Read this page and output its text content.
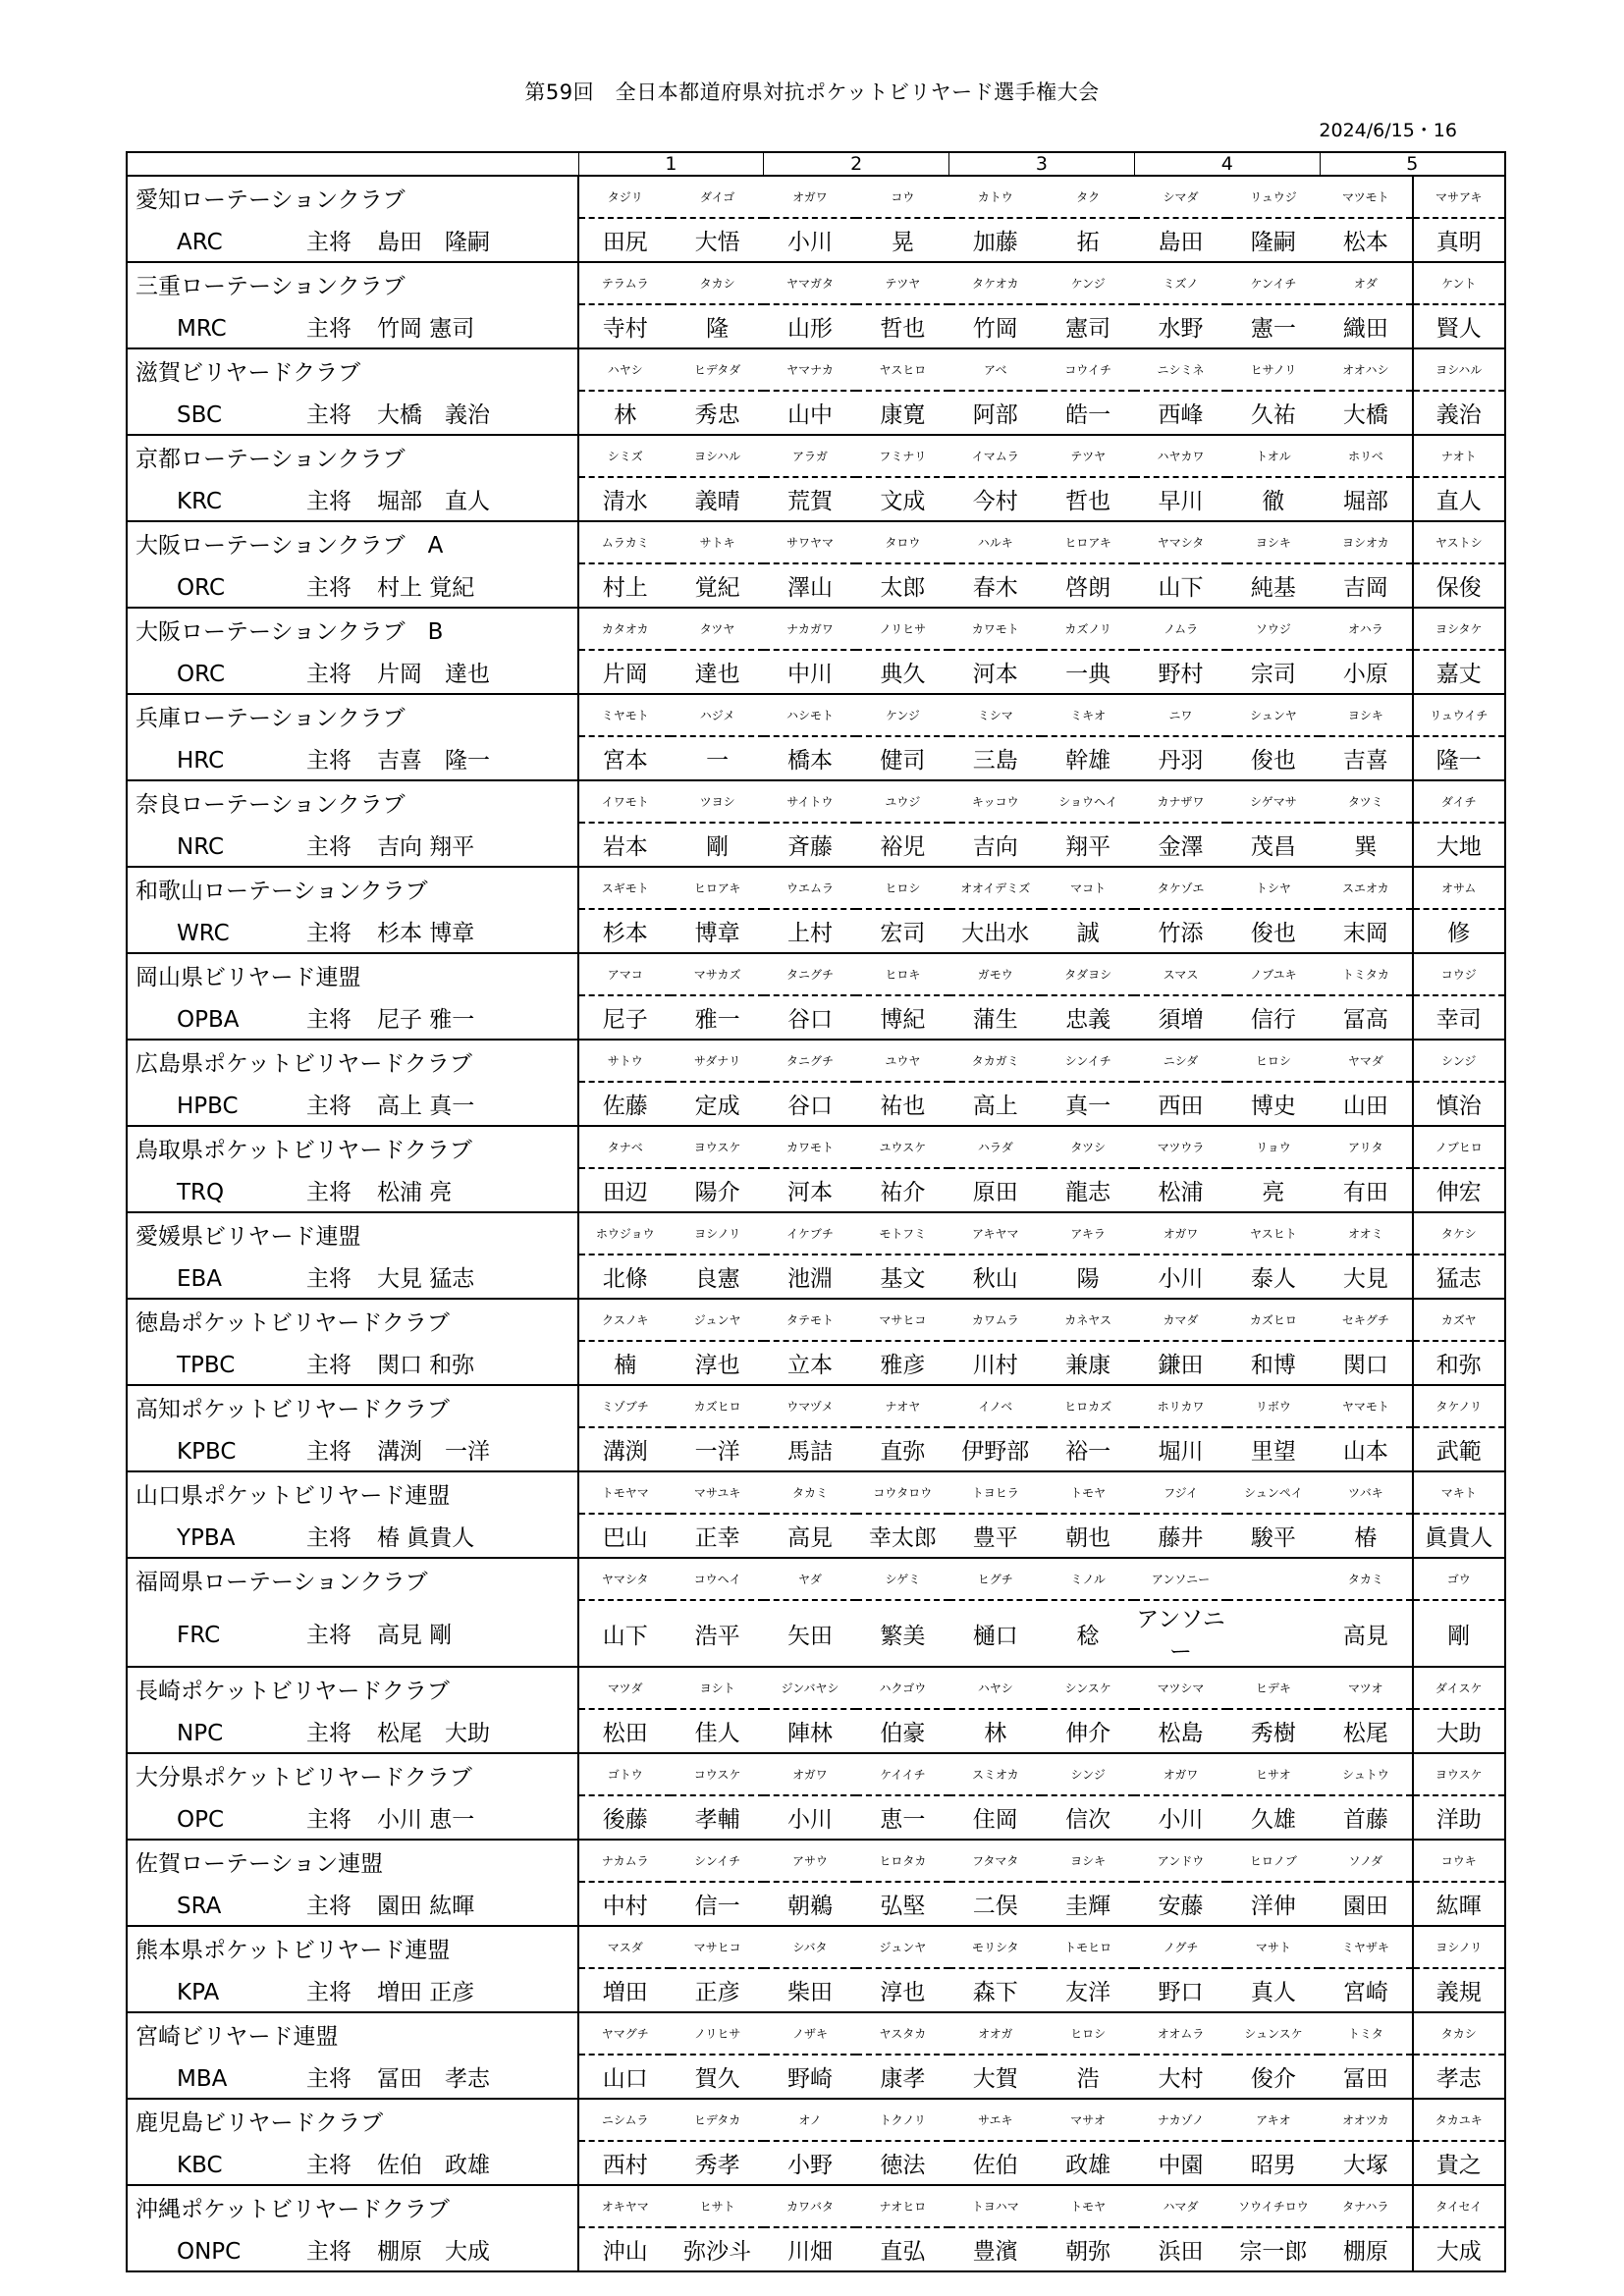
第59回　全日本都道府県対抗ポケットビリヤード選手権大会
2024/6/15・16
	1		2		3		4		5	
愛知ローテーションクラブ	タジリ	ダイゴ	オガワ	コウ	カトウ	タク	シマダ	リュウジ	マツモト	マサアキ
ARC 主将 島田　隆嗣	田尻	大悟	小川	晃	加藤	拓	島田	隆嗣	松本	真明
三重ローテーションクラブ	テラムラ	タカシ	ヤマガタ	テツヤ	タケオカ	ケンジ	ミズノ	ケンイチ	オダ	ケント
MRC 主将 竹岡 憲司	寺村	隆	山形	哲也	竹岡	憲司	水野	憲一	織田	賢人
滋賀ビリヤードクラブ	ハヤシ	ヒデタダ	ヤマナカ	ヤスヒロ	アベ	コウイチ	ニシミネ	ヒサノリ	オオハシ	ヨシハル
SBC 主将 大橋　義治	林	秀忠	山中	康寛	阿部	皓一	西峰	久祐	大橋	義治
京都ローテーションクラブ	シミズ	ヨシハル	アラガ	フミナリ	イマムラ	テツヤ	ハヤカワ	トオル	ホリベ	ナオト
KRC 主将 堀部　直人	清水	義晴	荒賀	文成	今村	哲也	早川	徹	堀部	直人
大阪ローテーションクラブ　A	ムラカミ	サトキ	サワヤマ	タロウ	ハルキ	ヒロアキ	ヤマシタ	ヨシキ	ヨシオカ	ヤストシ
ORC 主将 村上 覚紀	村上	覚紀	澤山	太郎	春木	啓朗	山下	純基	吉岡	保俊
大阪ローテーションクラブ　B	カタオカ	タツヤ	ナカガワ	ノリヒサ	カワモト	カズノリ	ノムラ	ソウジ	オハラ	ヨシタケ
ORC 主将 片岡　達也	片岡	達也	中川	典久	河本	一典	野村	宗司	小原	嘉丈
兵庫ローテーションクラブ	ミヤモト	ハジメ	ハシモト	ケンジ	ミシマ	ミキオ	ニワ	シュンヤ	ヨシキ	リュウイチ
HRC 主将 吉喜　隆一	宮本	一	橋本	健司	三島	幹雄	丹羽	俊也	吉喜	隆一
奈良ローテーションクラブ	イワモト	ツヨシ	サイトウ	ユウジ	キッコウ	ショウヘイ	カナザワ	シゲマサ	タツミ	ダイチ
NRC 主将 吉向 翔平	岩本	剛	斉藤	裕児	吉向	翔平	金澤	茂昌	巽	大地
和歌山ローテーションクラブ	スギモト	ヒロアキ	ウエムラ	ヒロシ	オオイデミズ	マコト	タケゾエ	トシヤ	スエオカ	オサム
WRC 主将 杉本 博章	杉本	博章	上村	宏司	大出水	誠	竹添	俊也	末岡	修
岡山県ビリヤード連盟	アマコ	マサカズ	タニグチ	ヒロキ	ガモウ	タダヨシ	スマス	ノブユキ	トミタカ	コウジ
OPBA 主将 尼子 雅一	尼子	雅一	谷口	博紀	蒲生	忠義	須増	信行	冨高	幸司
広島県ポケットビリヤードクラブ	サトウ	サダナリ	タニグチ	ユウヤ	タカガミ	シンイチ	ニシダ	ヒロシ	ヤマダ	シンジ
HPBC 主将 高上 真一	佐藤	定成	谷口	祐也	高上	真一	西田	博史	山田	慎治
鳥取県ポケットビリヤードクラブ	タナベ	ヨウスケ	カワモト	ユウスケ	ハラダ	タツシ	マツウラ	リョウ	アリタ	ノブヒロ
TRQ 主将 松浦 亮	田辺	陽介	河本	祐介	原田	龍志	松浦	亮	有田	伸宏
愛媛県ビリヤード連盟	ホウジョウ	ヨシノリ	イケブチ	モトフミ	アキヤマ	アキラ	オガワ	ヤスヒト	オオミ	タケシ
EBA 主将 大見 猛志	北條	良憲	池淵	基文	秋山	陽	小川	泰人	大見	猛志
徳島ポケットビリヤードクラブ	クスノキ	ジュンヤ	タテモト	マサヒコ	カワムラ	カネヤス	カマダ	カズヒロ	セキグチ	カズヤ
TPBC 主将 関口 和弥	楠	淳也	立本	雅彦	川村	兼康	鎌田	和博	関口	和弥
高知ポケットビリヤードクラブ	ミゾブチ	カズヒロ	ウマヅメ	ナオヤ	イノベ	ヒロカズ	ホリカワ	リボウ	ヤマモト	タケノリ
KPBC 主将 溝渕　一洋	溝渕	一洋	馬詰	直弥	伊野部	裕一	堀川	里望	山本	武範
山口県ポケットビリヤード連盟	トモヤマ	マサユキ	タカミ	コウタロウ	トヨヒラ	トモヤ	フジイ	シュンペイ	ツバキ	マキト
YPBA 主将 椿 眞貴人	巴山	正幸	高見	幸太郎	豊平	朝也	藤井	駿平	椿	眞貴人
福岡県ローテーションクラブ	ヤマシタ	コウヘイ	ヤダ	シゲミ	ヒグチ	ミノル	アンソニー		タカミ	ゴウ
FRC 主将 高見 剛	山下	浩平	矢田	繁美	樋口	稔	アンソニー		高見	剛
長崎ポケットビリヤードクラブ	マツダ	ヨシト	ジンバヤシ	ハクゴウ	ハヤシ	シンスケ	マツシマ	ヒデキ	マツオ	ダイスケ
NPC 主将 松尾　大助	松田	佳人	陣林	伯豪	林	伸介	松島	秀樹	松尾	大助
大分県ポケットビリヤードクラブ	ゴトウ	コウスケ	オガワ	ケイイチ	スミオカ	シンジ	オガワ	ヒサオ	シュトウ	ヨウスケ
OPC 主将 小川 恵一	後藤	孝輔	小川	恵一	住岡	信次	小川	久雄	首藤	洋助
佐賀ローテーション連盟	ナカムラ	シンイチ	アサウ	ヒロタカ	フタマタ	ヨシキ	アンドウ	ヒロノブ	ソノダ	コウキ
SRA 主将 園田 紘暉	中村	信一	朝鵜	弘堅	二俣	圭輝	安藤	洋伸	園田	紘暉
熊本県ポケットビリヤード連盟	マスダ	マサヒコ	シバタ	ジュンヤ	モリシタ	トモヒロ	ノグチ	マサト	ミヤザキ	ヨシノリ
KPA 主将 増田 正彦	増田	正彦	柴田	淳也	森下	友洋	野口	真人	宮崎	義規
宮崎ビリヤード連盟	ヤマグチ	ノリヒサ	ノザキ	ヤスタカ	オオガ	ヒロシ	オオムラ	シュンスケ	トミタ	タカシ
MBA 主将 冨田　孝志	山口	賀久	野崎	康孝	大賀	浩	大村	俊介	冨田	孝志
鹿児島ビリヤードクラブ	ニシムラ	ヒデタカ	オノ	トクノリ	サエキ	マサオ	ナカゾノ	アキオ	オオツカ	タカユキ
KBC 主将 佐伯　政雄	西村	秀孝	小野	徳法	佐伯	政雄	中園	昭男	大塚	貴之
沖縄ポケットビリヤードクラブ	オキヤマ	ヒサト	カワバタ	ナオヒロ	トヨハマ	トモヤ	ハマダ	ソウイチロウ	タナハラ	タイセイ
ONPC 主将 棚原　大成	沖山	弥沙斗	川畑	直弘	豊濱	朝弥	浜田	宗一郎	棚原	大成
